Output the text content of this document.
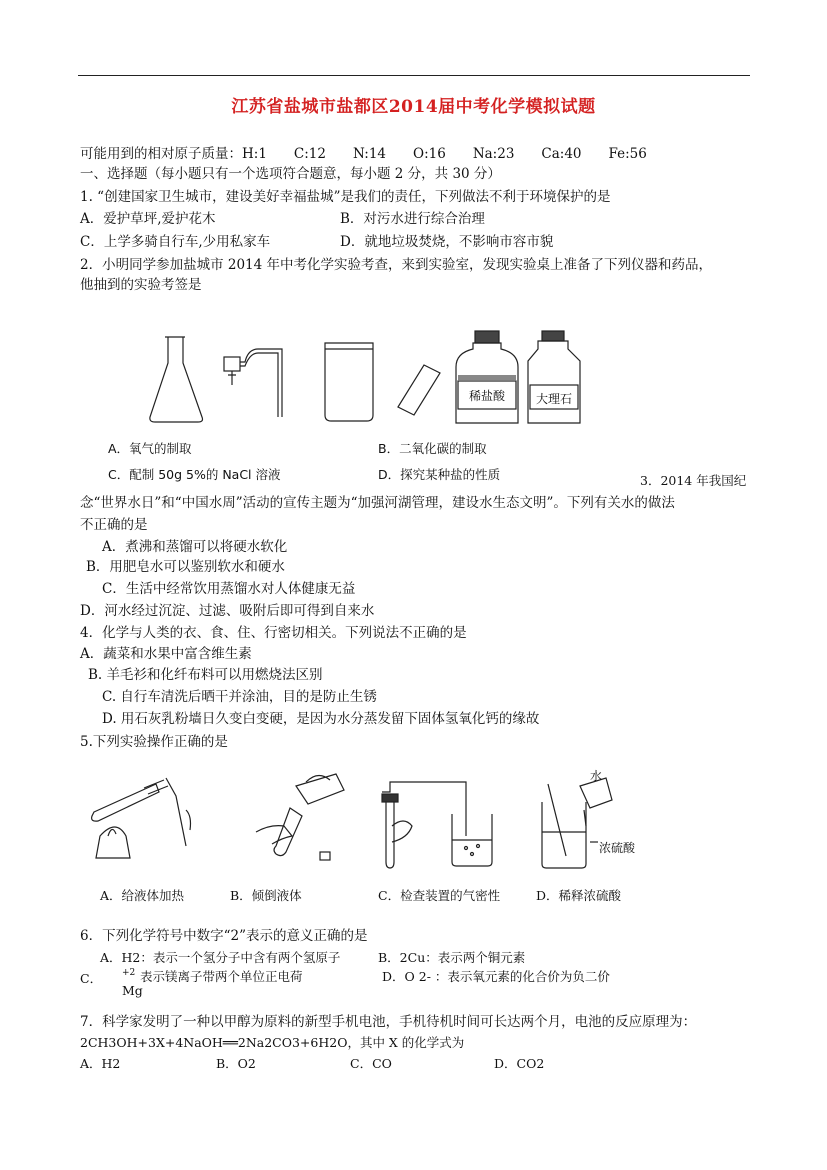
江苏省盐城市盐都区2014届中考化学模拟试题
可能用到的相对原子质量：H:1　　C:12　　N:14　　O:16　　Na:23　　Ca:40　　Fe:56
一、选择题（每小题只有一个选项符合题意，每小题 2 分，共 30 分）
1. “创建国家卫生城市，建设美好幸福盐城”是我们的责任，下列做法不利于环境保护的是
A．爱护草坪,爱护花木	B．对污水进行综合治理
C．上学多骑自行车,少用私家车	D．就地垃圾焚烧，不影响市容市貌
2．小明同学参加盐城市 2014 年中考化学实验考查，来到实验室，发现实验桌上准备了下列仪器和药品，
他抽到的实验考签是
稀盐酸	大理石
A．氧气的制取	B．二氧化碳的制取
C．配制 50g 5%的 NaCl 溶液	D．探究某种盐的性质	3．2014 年我国纪
念“世界水日”和“中国水周”活动的宣传主题为“加强河湖管理，建设水生态文明”。下列有关水的做法
不正确的是
A．煮沸和蒸馏可以将硬水软化
B．用肥皂水可以鉴别软水和硬水
C．生活中经常饮用蒸馏水对人体健康无益
D．河水经过沉淀、过滤、吸附后即可得到自来水
4．化学与人类的衣、食、住、行密切相关。下列说法不正确的是
A．蔬菜和水果中富含维生素
B. 羊毛衫和化纤布料可以用燃烧法区别
C. 自行车清洗后晒干并涂油，目的是防止生锈
D. 用石灰乳粉墙日久变白变硬，是因为水分蒸发留下固体氢氧化钙的缘故
5.下列实验操作正确的是
水
浓硫酸
A．给液体加热	B．倾倒液体	C．检查装置的气密性	D．稀释浓硫酸
6．下列化学符号中数字“2”表示的意义正确的是
A．H2：表示一个氢分子中含有两个氢原子	B．2Cu：表示两个铜元素
C． +2
Mg
表示镁离子带两个单位正电荷	D．O 2- ：表示氧元素的化合价为负二价
7．科学家发明了一种以甲醇为原料的新型手机电池，手机待机时间可长达两个月，电池的反应原理为：
2CH3OH+3X+4NaOH══2Na2CO3+6H2O，其中 X 的化学式为
A．H2	B．O2	C．CO	D．CO2
